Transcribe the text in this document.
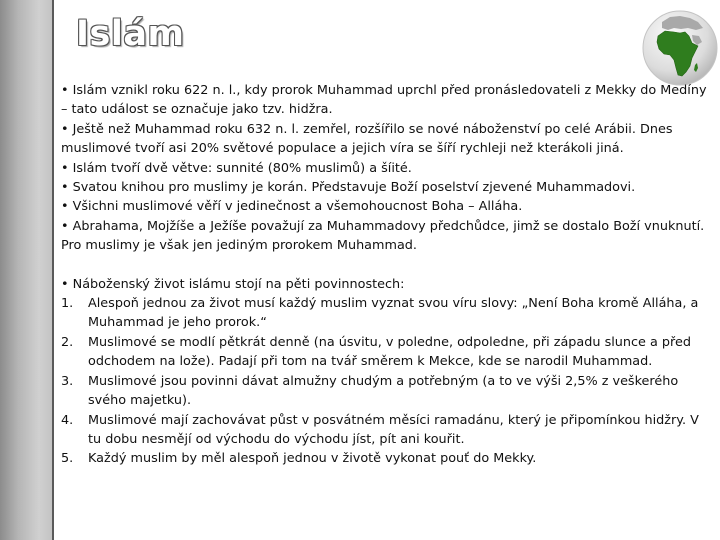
Islám

• Islám vznikl roku 622 n. l., kdy prorok Muhammad uprchl před pronásledovateli z Mekky do Medíny – tato událost se označuje jako tzv. hidžra.

• Ještě než Muhammad roku 632 n. l. zemřel, rozšířilo se nové náboženství po celé Arábii. Dnes muslimové tvoří asi 20% světové populace a jejich víra se šíří rychleji než kterákoli jiná.

• Islám tvoří dvě větve: sunnité (80% muslimů) a šíité.

• Svatou knihou pro muslimy je korán. Představuje Boží poselství zjevené Muhammadovi.

• Všichni muslimové věří v jedinečnost a všemohoucnost Boha – Alláha.

• Abrahama, Mojžíše a Ježíše považují za Muhammadovy předchůdce, jimž se dostalo Boží vnuknutí. Pro muslimy je však jen jediným prorokem Muhammad.

• Náboženský život islámu stojí na pěti povinnostech:

1. Alespoň jednou za život musí každý muslim vyznat svou víru slovy: „Není Boha kromě Alláha, a Muhammad je jeho prorok.“
2. Muslimové se modlí pětkrát denně (na úsvitu, v poledne, odpoledne, při západu slunce a před odchodem na lože). Padají při tom na tvář směrem k Mekce, kde se narodil Muhammad.
3. Muslimové jsou povinni dávat almužny chudým a potřebným (a to ve výši 2,5% z veškerého svého majetku).
4. Muslimové mají zachovávat půst v posvátném měsíci ramadánu, který je připomínkou hidžry. V tu dobu nesmějí od východu do východu jíst, pít ani kouřit.
5. Každý muslim by měl alespoň jednou v životě vykonat pouť do Mekky.
